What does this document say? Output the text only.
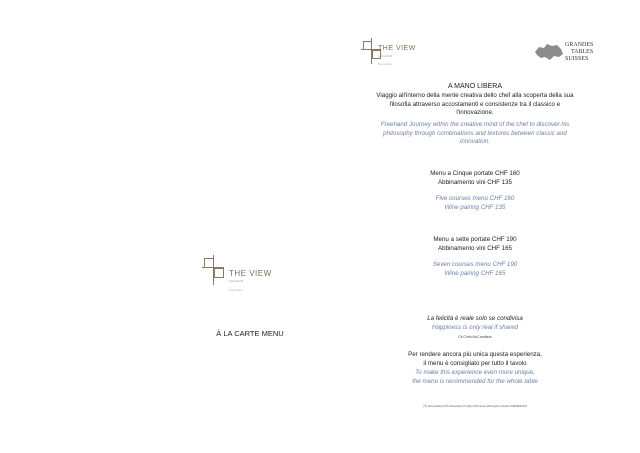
THE VIEW
LUGANO
Fine Cuisine
À LA CARTE MENU
THE VIEW
LUGANO
Fine Cuisine
GRANDES
TABLES
SUISSES
A MANO LIBERA
Viaggio all'interno della mente creativa dello chef alla scoperta della sua
filosofia attraverso accostamenti e consistenze tra il classico e
l'innovazione.
Freehand Journey within the creative mind of the chef to discover his
philosophy through combinations and textures between classic and
innovation.
Menu a Cinque portate CHF 160
Abbinamento vini CHF 135
Five courses menu CHF 160
Wine pairing CHF 135
Menu a sette portate CHF 190
Abbinamento vini CHF 165
Seven courses menu CHF 190
Wine pairing CHF 165
La felicità è reale solo se condivisa
Happiness is only real if shared
Cit Chris McCandless
Per rendere ancora più unica questa esperienza,
il menu è consigliato per tutto il tavolo
To make this experience even more unique,
the menu is recommended for the whole table
(*1) New Zealand (CH) Switzerland (IT) Italy (FR) France (ES) Spain Included VARIABLE/VAT
